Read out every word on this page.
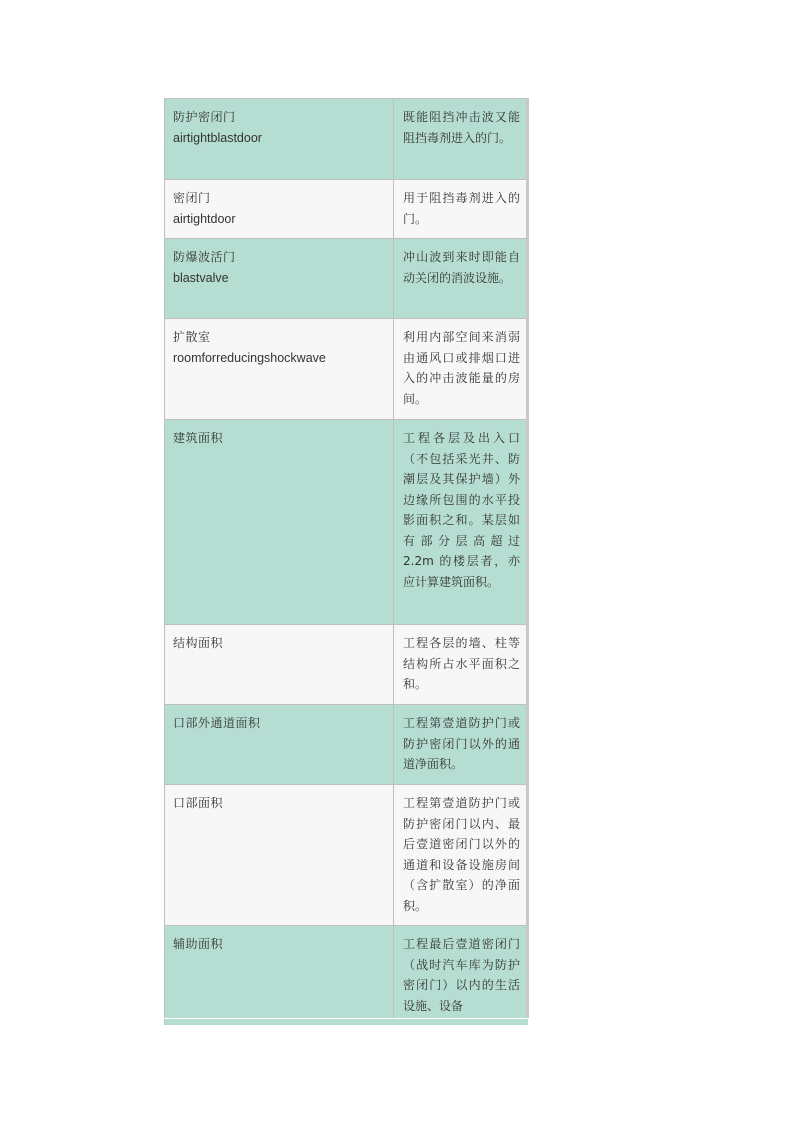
防护密闭门
airtightblastdoor	既能阻挡冲击波又能阻挡毒剂进入的门。

密闭门
airtightdoor	用于阻挡毒剂进入的门。

防爆波活门
blastvalve	冲山波到来时即能自动关闭的消波设施。

扩散室
roomforreducingshockwave	利用内部空间来消弱由通风口或排烟口进入的冲击波能量的房间。

建筑面积	工程各层及出入口（不包括采光井、防潮层及其保护墙）外边缘所包围的水平投影面积之和。某层如有部分层高超过 2.2m 的楼层者，亦应计算建筑面积。

结构面积	工程各层的墙、柱等结构所占水平面积之和。

口部外通道面积	工程第壹道防护门或防护密闭门以外的通道净面积。

口部面积	工程第壹道防护门或防护密闭门以内、最后壹道密闭门以外的通道和设备设施房间（含扩散室）的净面积。

辅助面积	工程最后壹道密闭门（战时汽车库为防护密闭门）以内的生活设施、设备
